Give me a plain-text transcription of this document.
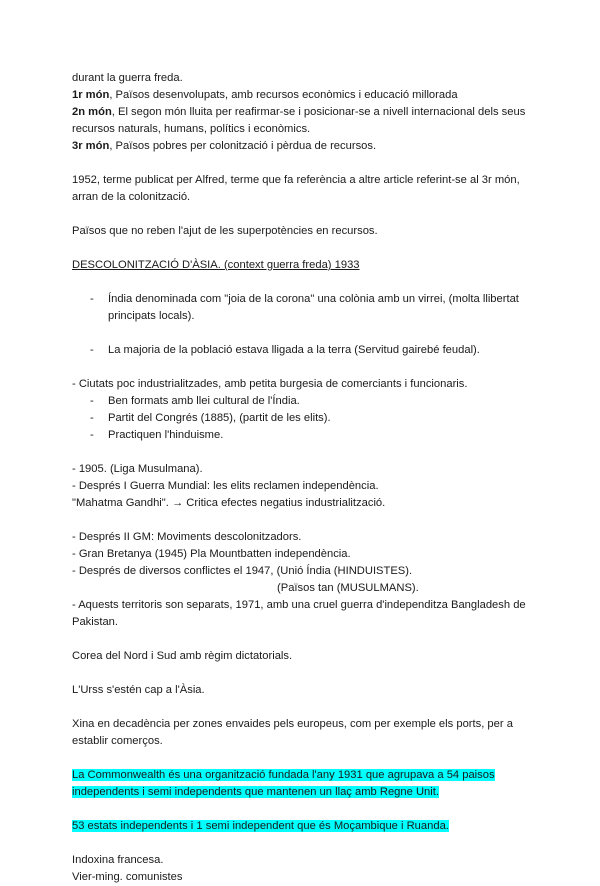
durant la guerra freda.

1r món, Països desenvolupats, amb recursos econòmics i educació millorada

2n món, El segon món lluita per reafirmar-se i posicionar-se a nivell internacional dels seus recursos naturals, humans, polítics i econòmics.

3r món, Països pobres per colonització i pèrdua de recursos.

1952, terme publicat per Alfred, terme que fa referència a altre article referint-se al 3r món, arran de la colonització.

Països que no reben l'ajut de les superpotències en recursos.

DESCOLONITZACIÓ D'ÀSIA. (context guerra freda) 1933

- Índia denominada com "joia de la corona" una colònia amb un virrei, (molta llibertat principats locals).
- La majoria de la població estava lligada a la terra (Servitud gairebé feudal).

- Ciutats poc industrialitzades, amb petita burgesia de comerciants i funcionaris.

- Ben formats amb llei cultural de l'Índia.
- Partit del Congrés (1885), (partit de les elits).
- Practiquen l'hinduisme.

- 1905. (Liga Musulmana).

- Després I Guerra Mundial: les elits reclamen independència.

"Mahatma Gandhi". → Critica efectes negatius industrialització.

- Després II GM: Moviments descolonitzadors.

- Gran Bretanya (1945) Pla Mountbatten independència.

- Després de diversos conflictes el 1947, (Unió Índia (HINDUISTES).

(Països tan (MUSULMANS).

- Aquests territoris son separats, 1971, amb una cruel guerra d'independitza Bangladesh de Pakistan.

Corea del Nord i Sud amb règim dictatorials.

L'Urss s'estén cap a l'Àsia.

Xina en decadència per zones envaides pels europeus, com per exemple els ports, per a establir comerços.

La Commonwealth és una organització fundada l'any 1931 que agrupava a 54 paisos independents i semi independents que mantenen un llaç amb Regne Unit.

53 estats independents i 1 semi independent que és Moçambique i Ruanda.

Indoxina francesa.

Vier-ming. comunistes
